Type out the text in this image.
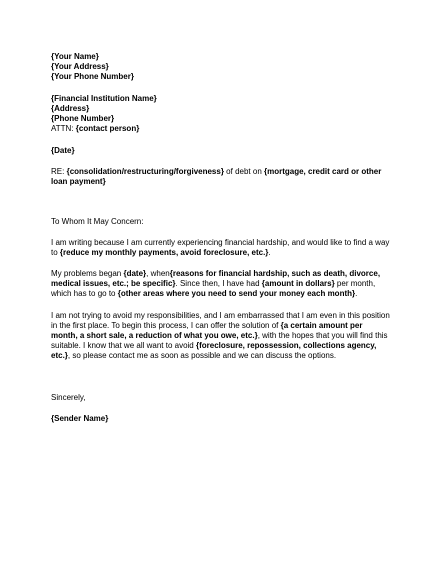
{Your Name}

{Your Address}

{Your Phone Number}

{Financial Institution Name}

{Address}

{Phone Number}

ATTN: {contact person}

{Date}

RE: {consolidation/restructuring/forgiveness} of debt on {mortgage, credit card or other loan payment}

To Whom It May Concern:

I am writing because I am currently experiencing financial hardship, and would like to find a way to {reduce my monthly payments, avoid foreclosure, etc.}.

My problems began {date}, when{reasons for financial hardship, such as death, divorce, medical issues, etc.; be specific}. Since then, I have had {amount in dollars} per month, which has to go to {other areas where you need to send your money each month}.

I am not trying to avoid my responsibilities, and I am embarrassed that I am even in this position in the first place. To begin this process, I can offer the solution of {a certain amount per month, a short sale, a reduction of what you owe, etc.}, with the hopes that you will find this suitable. I know that we all want to avoid {foreclosure, repossession, collections agency, etc.}, so please contact me as soon as possible and we can discuss the options.

Sincerely,

{Sender Name}
